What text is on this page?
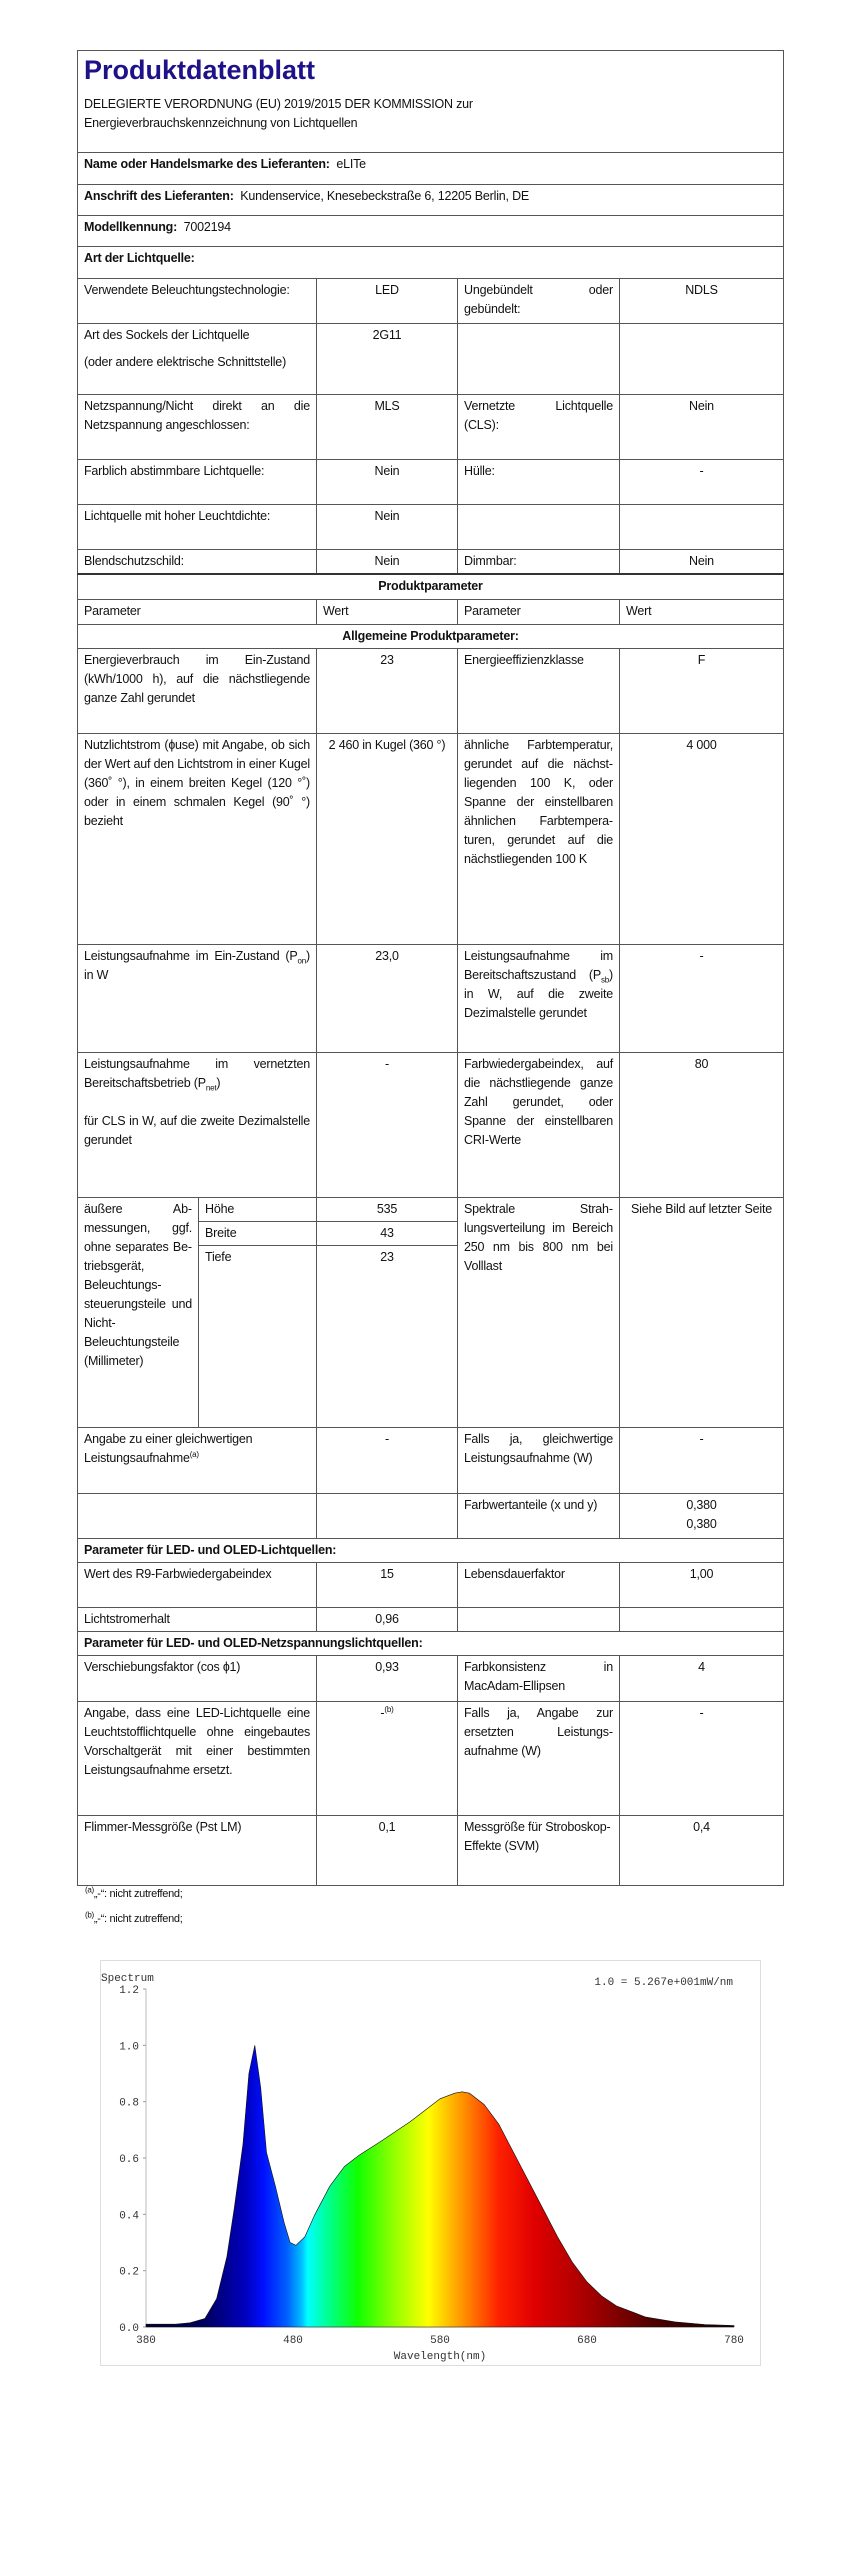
Produktdatenblatt
DELEGIERTE VERORDNUNG (EU) 2019/2015 DER KOMMISSION zur
Energieverbrauchskennzeichnung von Lichtquellen				

Name oder Handelsmarke des Lieferanten: eLITe				
Anschrift des Lieferanten: Kundenservice, Knesebeckstraße 6, 12205 Berlin, DE				
Modellkennung: 7002194				
Art der Lichtquelle:				
Verwendete Beleuchtungstechnologie:		LED	Ungebündelt oder gebündelt:	NDLS

Art des Sockels der Lichtquelle
(oder andere elektrische Schnittstelle)		2G11		
Netzspannung/Nicht direkt an die Netzspannung angeschlossen:		MLS	Vernetzte Lichtquelle (CLS):	Nein
Farblich abstimmbare Lichtquelle:		Nein	Hülle:	-
Lichtquelle mit hoher Leuchtdichte:		Nein		
Blendschutzschild:		Nein	Dimmbar:	Nein
Produktparameter				
Parameter		Wert	Parameter	Wert
Allgemeine Produktparameter:				
Energieverbrauch im Ein-Zustand (kWh/1000 h), auf die nächstliegende ganze Zahl gerundet		23	Energieeffizienzklasse	F
Nutzlichtstrom (ɸuse) mit Angabe, ob sich der Wert auf den Lichtstrom in einer Kugel (360˚ °), in einem breiten Kegel (120 °˚) oder in einem schmalen Kegel (90˚ °) bezieht		2 460 in Kugel (360 °)	ähnliche Farbtemperatur, gerundet auf die nächstliegenden 100 K, oder Spanne der einstellbaren ähnlichen Farbtemperaturen, gerundet auf die nächstliegenden 100 K	4 000
Leistungsaufnahme im Ein-Zustand $(P_{on})$ in W		23,0	Leistungsaufnahme im Bereitschaftszustand $(P_{sb})$ in W, auf die zweite Dezimalstelle gerundet	-
Leistungsaufnahme im vernetzten Bereitschaftsbetrieb $(P_{net})$
für CLS in W, auf die zweite Dezimalstelle gerundet		-	Farbwiedergabeindex, auf die nächstliegende ganze Zahl gerundet, oder Spanne der einstellbaren CRI-Werte	80
äußere Abmessungen, ggf. ohne separates Betriebsgerät, Beleuchtungssteuerungsteile und Nicht-Beleuchtungsteile (Millimeter)	Höhe	535	Spektrale Strahlungsverteilung im Bereich 250 nm bis 800 nm bei Volllast	Siehe Bild auf letzter Seite
	Breite	43		
	Tiefe	23		
Angabe zu einer gleichwertigen Leistungsaufnahme$^{(a)}$		-	Falls ja, gleichwertige Leistungsaufnahme (W)	-
			Farbwertanteile (x und y)	0,380
0,380

Parameter für LED- und OLED-Lichtquellen:				
Wert des R9-Farbwiedergabeindex		15	Lebensdauerfaktor	1,00
Lichtstromerhalt		0,96		
Parameter für LED- und OLED-Netzspannungslichtquellen:				
Verschiebungsfaktor (cos ɸ1)		0,93	Farbkonsistenz in MacAdam-Ellipsen	4
Angabe, dass eine LED-Lichtquelle eine Leuchtstofflichtquelle ohne eingebautes Vorschaltgerät mit einer bestimmten Leistungsaufnahme ersetzt.		-$^{(b)}$	Falls ja, Angabe zur ersetzten Leistungsaufnahme (W)	-
Flimmer-Messgröße (Pst LM)		0,1	Messgröße für Stroboskop-Effekte (SVM)	0,4
$^{(a)}$„-“: nicht zutreffend;
$^{(b)}$„-“: nicht zutreffend;
Spectrum	1.0 = 5.267e+001mW/nm
Wavelength(nm)
0.0
0.2
0.4
0.6
0.8
1.0
1.2
380	480	580	680	780
